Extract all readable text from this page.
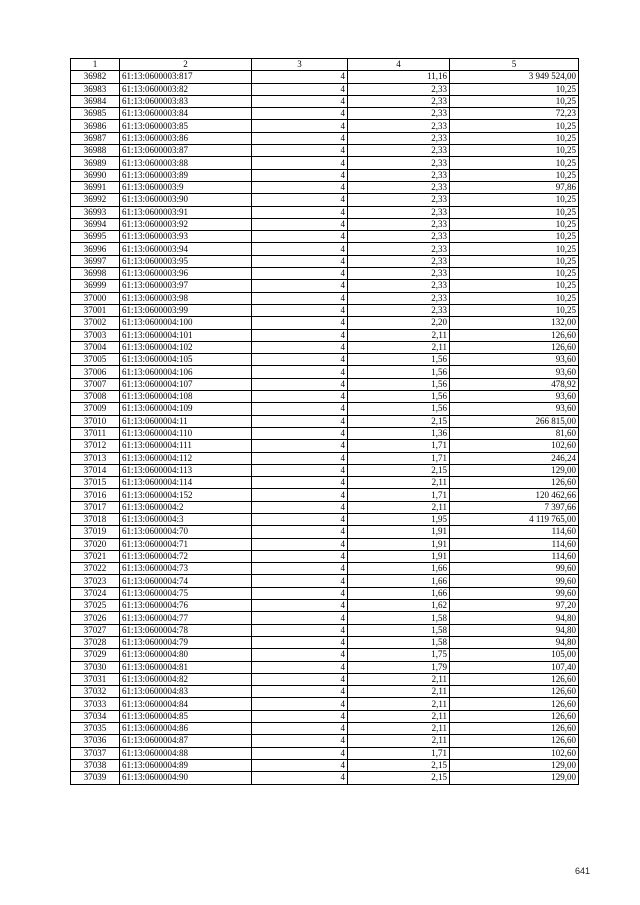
1	2	3	4	5
36982	61:13:0600003:817	4	11,16	3 949 524,00
36983	61:13:0600003:82	4	2,33	10,25
36984	61:13:0600003:83	4	2,33	10,25
36985	61:13:0600003:84	4	2,33	72,23
36986	61:13:0600003:85	4	2,33	10,25
36987	61:13:0600003:86	4	2,33	10,25
36988	61:13:0600003:87	4	2,33	10,25
36989	61:13:0600003:88	4	2,33	10,25
36990	61:13:0600003:89	4	2,33	10,25
36991	61:13:0600003:9	4	2,33	97,86
36992	61:13:0600003:90	4	2,33	10,25
36993	61:13:0600003:91	4	2,33	10,25
36994	61:13:0600003:92	4	2,33	10,25
36995	61:13:0600003:93	4	2,33	10,25
36996	61:13:0600003:94	4	2,33	10,25
36997	61:13:0600003:95	4	2,33	10,25
36998	61:13:0600003:96	4	2,33	10,25
36999	61:13:0600003:97	4	2,33	10,25
37000	61:13:0600003:98	4	2,33	10,25
37001	61:13:0600003:99	4	2,33	10,25
37002	61:13:0600004:100	4	2,20	132,00
37003	61:13:0600004:101	4	2,11	126,60
37004	61:13:0600004:102	4	2,11	126,60
37005	61:13:0600004:105	4	1,56	93,60
37006	61:13:0600004:106	4	1,56	93,60
37007	61:13:0600004:107	4	1,56	478,92
37008	61:13:0600004:108	4	1,56	93,60
37009	61:13:0600004:109	4	1,56	93,60
37010	61:13:0600004:11	4	2,15	266 815,00
37011	61:13:0600004:110	4	1,36	81,60
37012	61:13:0600004:111	4	1,71	102,60
37013	61:13:0600004:112	4	1,71	246,24
37014	61:13:0600004:113	4	2,15	129,00
37015	61:13:0600004:114	4	2,11	126,60
37016	61:13:0600004:152	4	1,71	120 462,66
37017	61:13:0600004:2	4	2,11	7 397,66
37018	61:13:0600004:3	4	1,95	4 119 765,00
37019	61:13:0600004:70	4	1,91	114,60
37020	61:13:0600004:71	4	1,91	114,60
37021	61:13:0600004:72	4	1,91	114,60
37022	61:13:0600004:73	4	1,66	99,60
37023	61:13:0600004:74	4	1,66	99,60
37024	61:13:0600004:75	4	1,66	99,60
37025	61:13:0600004:76	4	1,62	97,20
37026	61:13:0600004:77	4	1,58	94,80
37027	61:13:0600004:78	4	1,58	94,80
37028	61:13:0600004:79	4	1,58	94,80
37029	61:13:0600004:80	4	1,75	105,00
37030	61:13:0600004:81	4	1,79	107,40
37031	61:13:0600004:82	4	2,11	126,60
37032	61:13:0600004:83	4	2,11	126,60
37033	61:13:0600004:84	4	2,11	126,60
37034	61:13:0600004:85	4	2,11	126,60
37035	61:13:0600004:86	4	2,11	126,60
37036	61:13:0600004:87	4	2,11	126,60
37037	61:13:0600004:88	4	1,71	102,60
37038	61:13:0600004:89	4	2,15	129,00
37039	61:13:0600004:90	4	2,15	129,00
641
